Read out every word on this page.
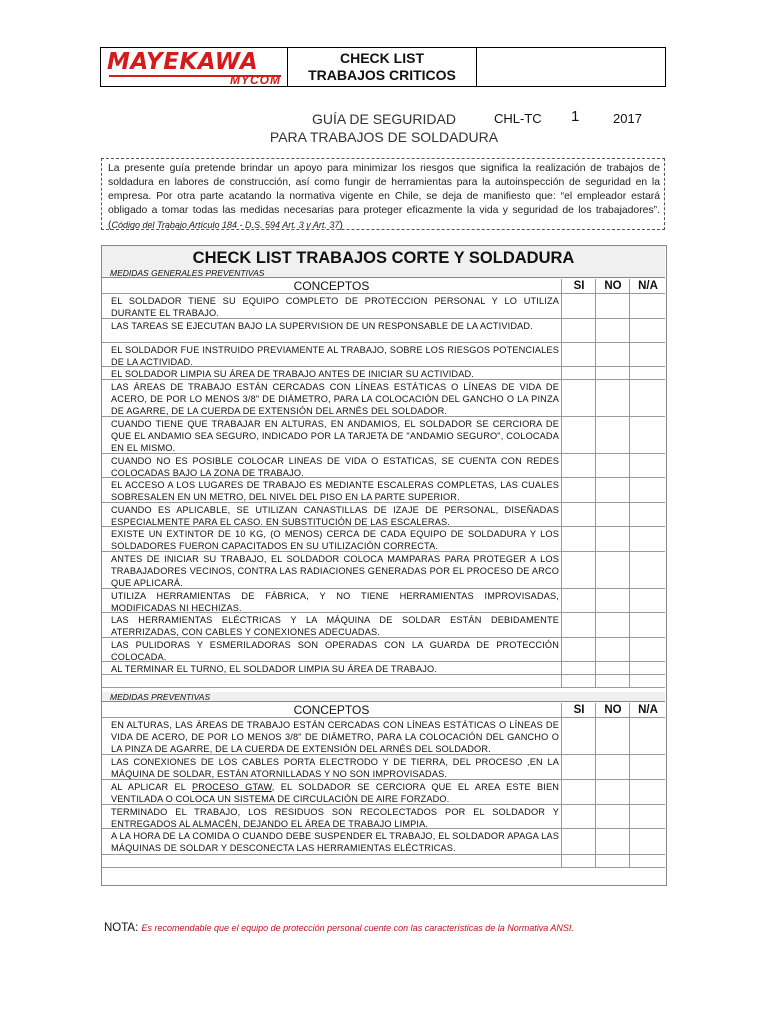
MAYEKAWA
MYCOM
CHECK LIST
TRABAJOS CRITICOS
CHL-TC 1	2017
GUÍA DE SEGURIDAD
PARA TRABAJOS DE SOLDADURA
La presente guía pretende brindar un apoyo para minimizar los riesgos que significa la realización de trabajos de soldadura en labores de construcción, así como fungir de herramientas para la autoinspección de seguridad en la empresa. Por otra parte acatando la normativa vigente en Chile, se deja de manifiesto que: “el empleador estará obligado a tomar todas las medidas necesarias para proteger eficazmente la vida y seguridad de los trabajadores”. (Código del Trabajo Artículo 184 - D.S. 594 Art. 3 y Art. 37)
CHECK LIST TRABAJOS CORTE Y SOLDADURA
MEDIDAS GENERALES PREVENTIVAS
CONCEPTOS	SI	NO	N/A
EL SOLDADOR TIENE SU EQUIPO COMPLETO DE PROTECCION PERSONAL Y LO UTILIZA DURANTE EL TRABAJO.
LAS TAREAS SE EJECUTAN BAJO LA SUPERVISION DE UN RESPONSABLE DE LA ACTIVIDAD.
EL SOLDADOR FUE INSTRUIDO PREVIAMENTE AL TRABAJO, SOBRE LOS RIESGOS POTENCIALES DE LA ACTIVIDAD.
EL SOLDADOR LIMPIA SU ÁREA DE TRABAJO ANTES DE INICIAR SU ACTIVIDAD.
LAS ÁREAS DE TRABAJO ESTÁN CERCADAS CON LÍNEAS ESTÁTICAS O LÍNEAS DE VIDA DE ACERO, DE POR LO MENOS 3/8" DE DIÁMETRO, PARA LA COLOCACIÓN DEL GANCHO O LA PINZA DE AGARRE, DE LA CUERDA DE EXTENSIÓN DEL ARNÉS DEL SOLDADOR.
CUANDO TIENE QUE TRABAJAR EN ALTURAS, EN ANDAMIOS, EL SOLDADOR SE CERCIORA DE QUE EL ANDAMIO SEA SEGURO, INDICADO POR LA TARJETA DE "ANDAMIO SEGURO", COLOCADA EN EL MISMO.
CUANDO NO ES POSIBLE COLOCAR LINEAS DE VIDA O ESTATICAS, SE CUENTA CON REDES COLOCADAS BAJO LA ZONA DE TRABAJO.
EL ACCESO A LOS LUGARES DE TRABAJO ES MEDIANTE ESCALERAS COMPLETAS, LAS CUALES SOBRESALEN EN UN METRO, DEL NIVEL DEL PISO EN LA PARTE SUPERIOR.
CUANDO ES APLICABLE, SE UTILIZAN CANASTILLAS DE IZAJE DE PERSONAL, DISEÑADAS ESPECIALMENTE PARA EL CASO. EN SUBSTITUCIÓN DE LAS ESCALERAS.
EXISTE UN EXTINTOR DE 10 KG, (O MENOS) CERCA DE CADA EQUIPO DE SOLDADURA Y LOS SOLDADORES FUERON CAPACITADOS EN SU UTILIZACIÓN CORRECTA.
ANTES DE INICIAR SU TRABAJO, EL SOLDADOR COLOCA MAMPARAS PARA PROTEGER A LOS TRABAJADORES VECINOS, CONTRA LAS RADIACIONES GENERADAS POR EL PROCESO DE ARCO QUE APLICARÁ.
UTILIZA HERRAMIENTAS DE FÁBRICA, Y NO TIENE HERRAMIENTAS IMPROVISADAS, MODIFICADAS NI HECHIZAS.
LAS HERRAMIENTAS ELÉCTRICAS Y LA MÁQUINA DE SOLDAR ESTÁN DEBIDAMENTE ATERRIZADAS, CON CABLES Y CONEXIONES ADECUADAS.
LAS PULIDORAS Y ESMERILADORAS SON OPERADAS CON LA GUARDA DE PROTECCIÓN COLOCADA.
AL TERMINAR EL TURNO, EL SOLDADOR LIMPIA SU ÁREA DE TRABAJO.
MEDIDAS PREVENTIVAS
CONCEPTOS	SI	NO	N/A
EN ALTURAS, LAS ÁREAS DE TRABAJO ESTÁN CERCADAS CON LÍNEAS ESTÁTICAS O LÍNEAS DE VIDA DE ACERO, DE POR LO MENOS 3/8" DE DIÁMETRO, PARA LA COLOCACIÓN DEL GANCHO O LA PINZA DE AGARRE, DE LA CUERDA DE EXTENSIÓN DEL ARNÉS DEL SOLDADOR.
LAS CONEXIONES DE LOS CABLES PORTA ELECTRODO Y DE TIERRA, DEL PROCESO ,EN LA MÁQUINA DE SOLDAR, ESTÁN ATORNILLADAS Y NO SON IMPROVISADAS.
AL APLICAR EL PROCESO GTAW, EL SOLDADOR SE CERCIORA QUE EL AREA ESTE BIEN VENTILADA O COLOCA UN SISTEMA DE CIRCULACIÓN DE AIRE FORZADO.
TERMINADO EL TRABAJO, LOS RESIDUOS SON RECOLECTADOS POR EL SOLDADOR Y ENTREGADOS AL ALMACÉN, DEJANDO EL ÁREA DE TRABAJO LIMPIA.
A LA HORA DE LA COMIDA O CUANDO DEBE SUSPENDER EL TRABAJO, EL SOLDADOR APAGA LAS MÁQUINAS DE SOLDAR Y DESCONECTA LAS HERRAMIENTAS ELÉCTRICAS.
NOTA: Es recomendable que el equipo de protección personal cuente con las características de la Normativa ANSI.
